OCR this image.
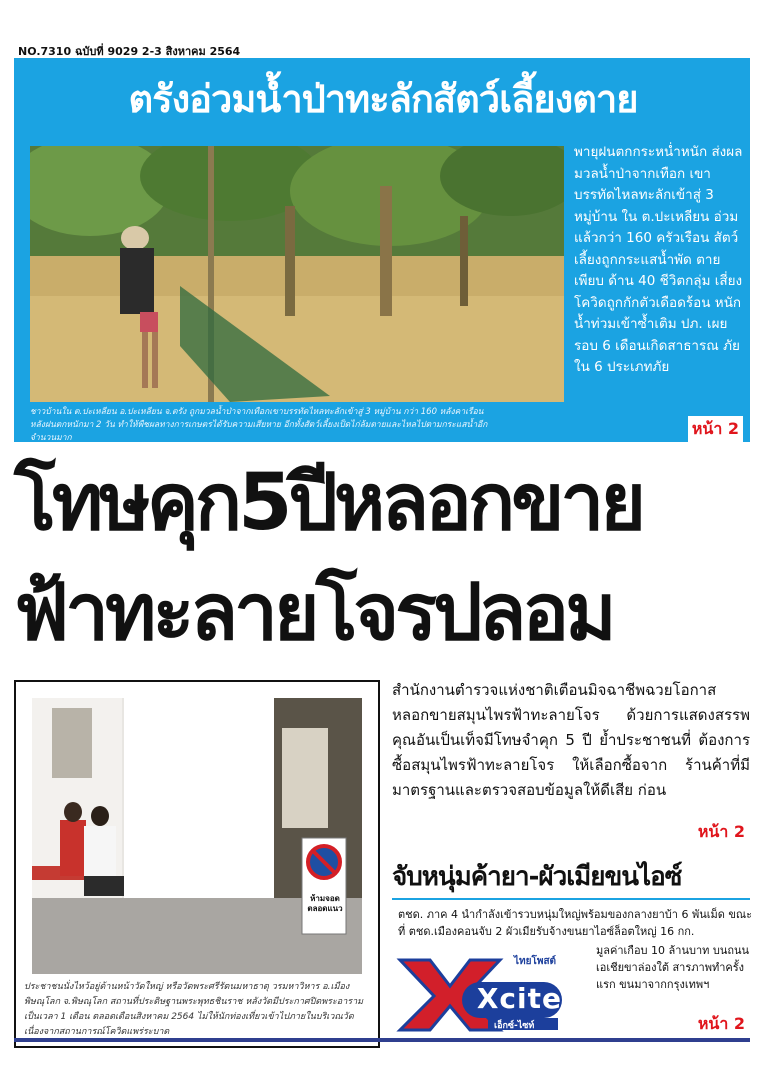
NO.7310 ฉบับที่ 9029 2-3 สิงหาคม 2564
ตรังอ่วมน้ำป่าทะลักสัตว์เลี้ยงตาย
พายุฝนตกกระหน่ำหนัก ส่งผลมวลน้ำป่าจากเทือก เขาบรรทัดไหลทะลักเข้าสู่ 3 หมู่บ้าน ใน ต.ปะเหลียน อ่วมแล้วกว่า 160 ครัวเรือน สัตว์เลี้ยงถูกกระแสน้ำพัด ตายเพียบ ด้าน 40 ชีวิตกลุ่ม เสี่ยงโควิดถูกกักตัวเดือดร้อน หนักน้ำท่วมเข้าซ้ำเติม ปภ. เผยรอบ 6 เดือนเกิดสาธารณ ภัยใน 6 ประเภทภัย
ชาวบ้านใน ต.ปะเหลียน อ.ปะเหลียน จ.ตรัง ถูกมวลน้ำป่าจากเทือกเขาบรรทัดไหลทะลักเข้าสู่ 3 หมู่บ้าน กว่า 160 หลังคาเรือน หลังฝนตกหนักมา 2 วัน ทำให้พืชผลทางการเกษตรได้รับความเสียหาย อีกทั้งสัตว์เลี้ยงเป็ดไก่ล้มตายและไหลไปตามกระแสน้ำอีกจำนวนมาก	หน้า 2
โทษคุก5ปีหลอกขาย
ฟ้าทะลายโจรปลอม
ห้ามจอด ตลอดแนว
ประชาชนนั่งไหว้อยู่ด้านหน้าวัดใหญ่ หรือวัดพระศรีรัตนมหาธาตุ วรมหาวิหาร อ.เมือง พิษณุโลก จ.พิษณุโลก สถานที่ประดิษฐานพระพุทธชินราช หลังวัดมีประกาศปิดพระอารามเป็นเวลา 1 เดือน ตลอดเดือนสิงหาคม 2564 ไม่ให้นักท่องเที่ยวเข้าไปภายในบริเวณวัด เนื่องจากสถานการณ์โควิดแพร่ระบาด
สำนักงานตำรวจแห่งชาติเตือนมิจฉาชีพฉวยโอกาส หลอกขายสมุนไพรฟ้าทะลายโจร ด้วยการแสดงสรรพ คุณอันเป็นเท็จมีโทษจำคุก 5 ปี ย้ำประชาชนที่ ต้องการซื้อสมุนไพรฟ้าทะลายโจร ให้เลือกซื้อจาก ร้านค้าที่มีมาตรฐานและตรวจสอบข้อมูลให้ดีเสีย ก่อน
หน้า 2
จับหนุ่มค้ายา-ผัวเมียขนไอซ์
ตชด. ภาค 4 นำกำลังเข้ารวบหนุ่มใหญ่พร้อมของกลางยาบ้า 6 พันเม็ด ขณะที่ ตชด.เมืองคอนจับ 2 ผัวเมียรับจ้างขนยาไอซ์ล็อตใหญ่ 16 กก.
มูลค่าเกือบ 10 ล้านบาท บนถนน เอเชียขาล่องใต้ สารภาพทำครั้งแรก ขนมาจากกรุงเทพฯ
ไทยโพสต์
Xcite
เอ็กซ์-ไซท์	หน้า 2
